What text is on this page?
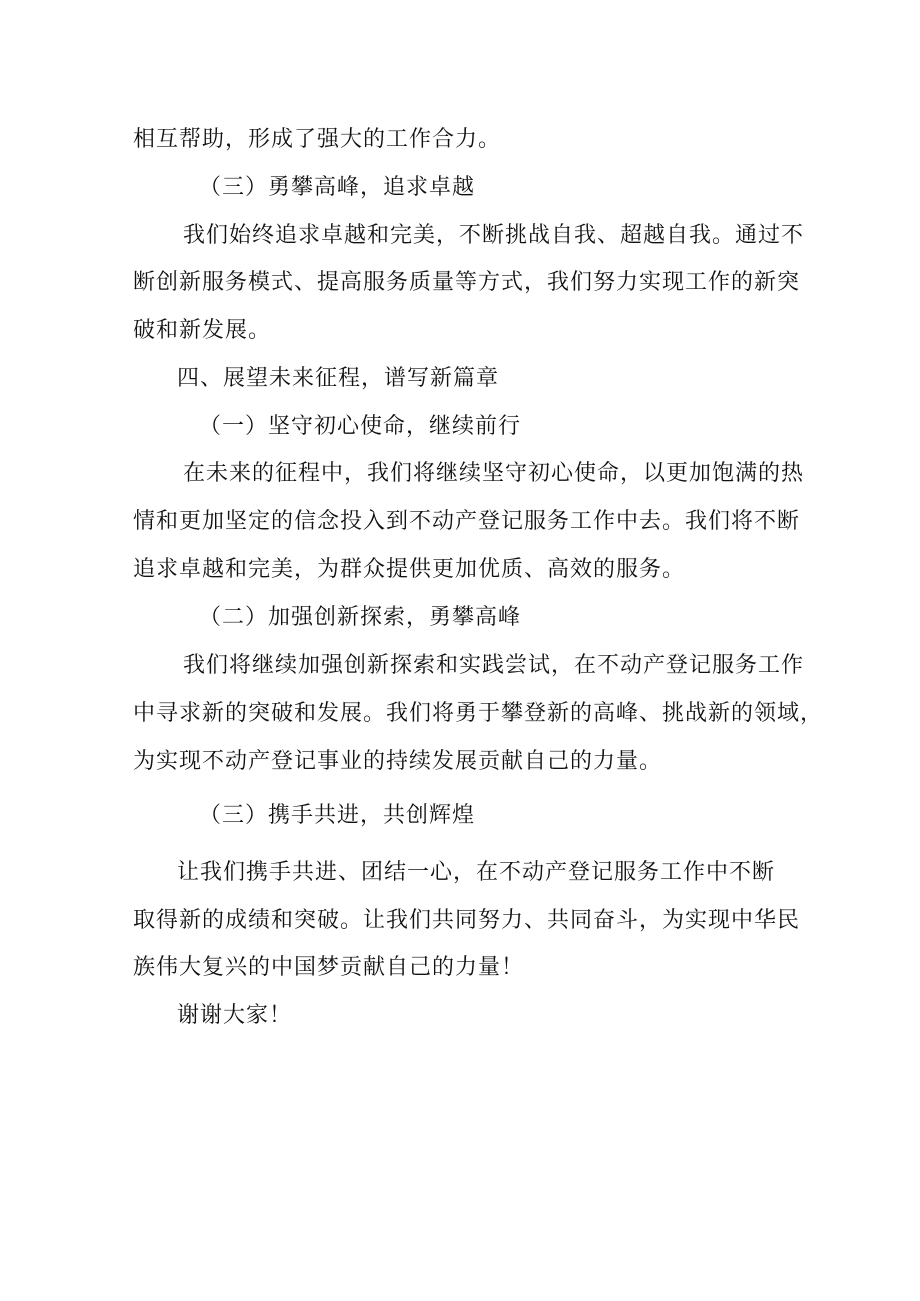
相互帮助，形成了强大的工作合力。
（三）勇攀高峰，追求卓越
我们始终追求卓越和完美，不断挑战自我、超越自我。通过不
断创新服务模式、提高服务质量等方式，我们努力实现工作的新突
破和新发展。
四、展望未来征程，谱写新篇章
（一）坚守初心使命，继续前行
在未来的征程中，我们将继续坚守初心使命，以更加饱满的热
情和更加坚定的信念投入到不动产登记服务工作中去。我们将不断
追求卓越和完美，为群众提供更加优质、高效的服务。
（二）加强创新探索，勇攀高峰
我们将继续加强创新探索和实践尝试，在不动产登记服务工作
中寻求新的突破和发展。我们将勇于攀登新的高峰、挑战新的领域，
为实现不动产登记事业的持续发展贡献自己的力量。
（三）携手共进，共创辉煌
让我们携手共进、团结一心，在不动产登记服务工作中不断
取得新的成绩和突破。让我们共同努力、共同奋斗，为实现中华民
族伟大复兴的中国梦贡献自己的力量！
谢谢大家！
